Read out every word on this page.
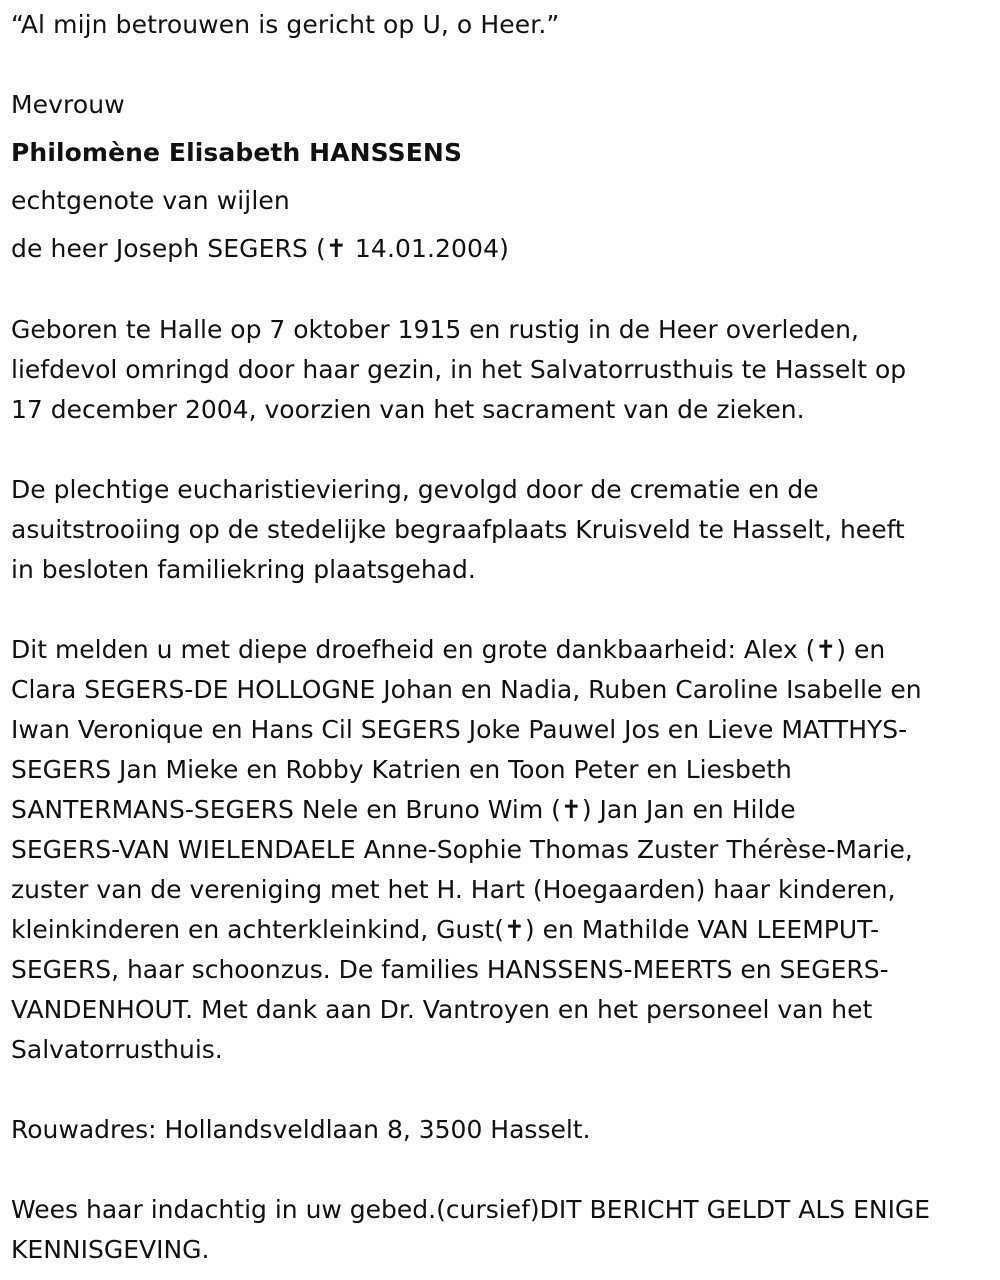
“Al mijn betrouwen is gericht op U, o Heer.”
Mevrouw
Philomène Elisabeth HANSSENS
echtgenote van wijlen
de heer Joseph SEGERS (✝ 14.01.2004)
Geboren te Halle op 7 oktober 1915 en rustig in de Heer overleden,
liefdevol omringd door haar gezin, in het Salvatorrusthuis te Hasselt op
17 december 2004, voorzien van het sacrament van de zieken.
De plechtige eucharistieviering, gevolgd door de crematie en de
asuitstrooiing op de stedelijke begraafplaats Kruisveld te Hasselt, heeft
in besloten familiekring plaatsgehad.
Dit melden u met diepe droefheid en grote dankbaarheid: Alex (✝) en
Clara SEGERS-DE HOLLOGNE Johan en Nadia, Ruben Caroline Isabelle en
Iwan Veronique en Hans Cil SEGERS Joke Pauwel Jos en Lieve MATTHYS-
SEGERS Jan Mieke en Robby Katrien en Toon Peter en Liesbeth
SANTERMANS-SEGERS Nele en Bruno Wim (✝) Jan Jan en Hilde
SEGERS-VAN WIELENDAELE Anne-Sophie Thomas Zuster Thérèse-Marie,
zuster van de vereniging met het H. Hart (Hoegaarden) haar kinderen,
kleinkinderen en achterkleinkind, Gust(✝) en Mathilde VAN LEEMPUT-
SEGERS, haar schoonzus. De families HANSSENS-MEERTS en SEGERS-
VANDENHOUT. Met dank aan Dr. Vantroyen en het personeel van het
Salvatorrusthuis.
Rouwadres: Hollandsveldlaan 8, 3500 Hasselt.
Wees haar indachtig in uw gebed.(cursief)DIT BERICHT GELDT ALS ENIGE
KENNISGEVING.
